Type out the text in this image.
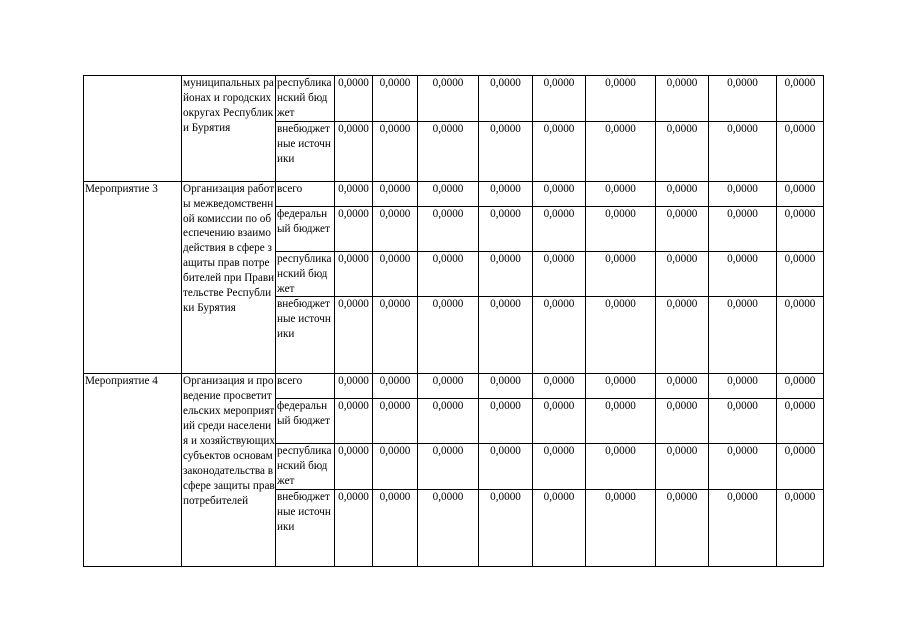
	муниципальных районах и городских округах Республики Бурятия	республиканский бюджет	0,0000	0,0000	0,0000	0,0000	0,0000	0,0000	0,0000	0,0000	0,0000
		внебюджетные источники	0,0000	0,0000	0,0000	0,0000	0,0000	0,0000	0,0000	0,0000	0,0000
Мероприятие 3	Организация работы межведомственной комиссии по обеспечению взаимодействия в сфере защиты прав потребителей при Правительстве Республики Бурятия	всего	0,0000	0,0000	0,0000	0,0000	0,0000	0,0000	0,0000	0,0000	0,0000
		федеральный бюджет	0,0000	0,0000	0,0000	0,0000	0,0000	0,0000	0,0000	0,0000	0,0000
		республиканский бюджет	0,0000	0,0000	0,0000	0,0000	0,0000	0,0000	0,0000	0,0000	0,0000
		внебюджетные источники	0,0000	0,0000	0,0000	0,0000	0,0000	0,0000	0,0000	0,0000	0,0000
Мероприятие 4	Организация и проведение просветительских мероприятий среди населения и хозяйствующих субъектов основам законодательства в сфере защиты прав потребителей	всего	0,0000	0,0000	0,0000	0,0000	0,0000	0,0000	0,0000	0,0000	0,0000
		федеральный бюджет	0,0000	0,0000	0,0000	0,0000	0,0000	0,0000	0,0000	0,0000	0,0000
		республиканский бюджет	0,0000	0,0000	0,0000	0,0000	0,0000	0,0000	0,0000	0,0000	0,0000
		внебюджетные источники	0,0000	0,0000	0,0000	0,0000	0,0000	0,0000	0,0000	0,0000	0,0000
